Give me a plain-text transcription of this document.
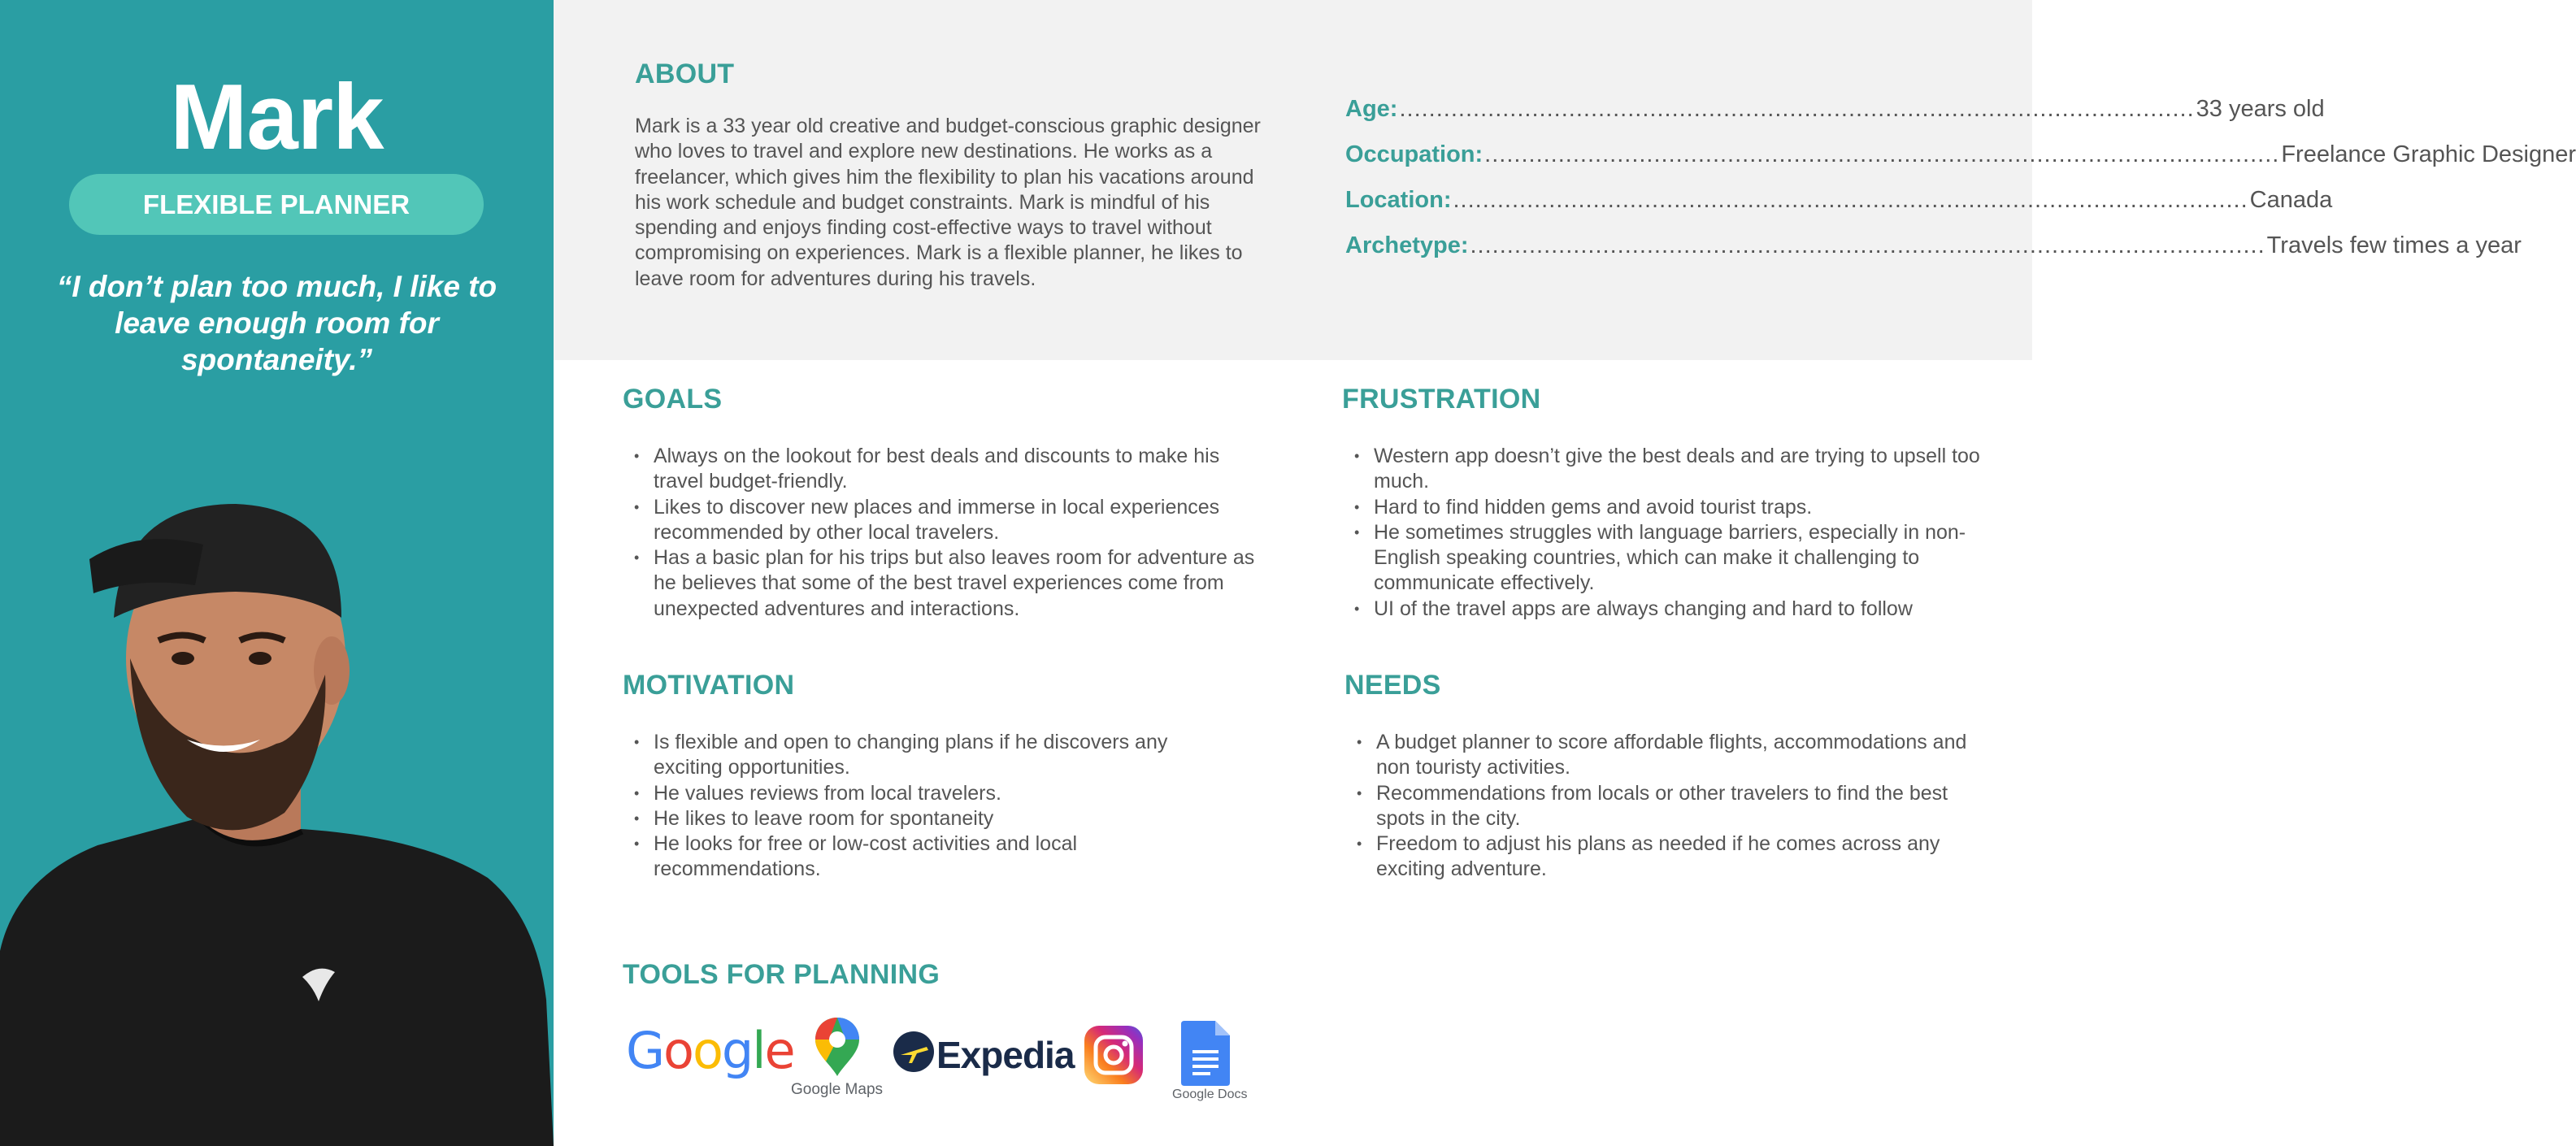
Mark
FLEXIBLE PLANNER
“I don’t plan too much, I like to leave enough room for spontaneity.”
ABOUT

Mark is a 33 year old creative and budget-conscious graphic designer who loves to travel and explore new destinations. He works as a freelancer, which gives him the flexibility to plan his vacations around his work schedule and budget constraints. Mark is mindful of his spending and enjoys finding cost-effective ways to travel without compromising on experiences. Mark is a flexible planner, he likes to leave room for adventures during his travels.

Age: ............................................................................................................ 33 years old
Occupation: ............................................................................................................ Freelance Graphic Designer
Location: ............................................................................................................ Canada
Archetype: ............................................................................................................ Travels few times a year
GOALS
• Always on the lookout for best deals and discounts to make his travel budget-friendly.
• Likes to discover new places and immerse in local experiences recommended by other local travelers.
• Has a basic plan for his trips but also leaves room for adventure as he believes that some of the best travel experiences come from unexpected adventures and interactions.
FRUSTRATION
• Western app doesn’t give the best deals and are trying to upsell too much.
• Hard to find hidden gems and avoid tourist traps.
• He sometimes struggles with language barriers, especially in non-English speaking countries, which can make it challenging to communicate effectively.
• UI of the travel apps are always changing and hard to follow
MOTIVATION
• Is flexible and open to changing plans if he discovers any exciting opportunities.
• He values reviews from local travelers.
• He likes to leave room for spontaneity
• He looks for free or low-cost activities and local recommendations.
NEEDS
• A budget planner to score affordable flights, accommodations and non touristy activities.
• Recommendations from locals or other travelers to find the best spots in the city.
• Freedom to adjust his plans as needed if he comes across any exciting adventure.
TOOLS FOR PLANNING
Google
Google Maps
Expedia
Google Docs
